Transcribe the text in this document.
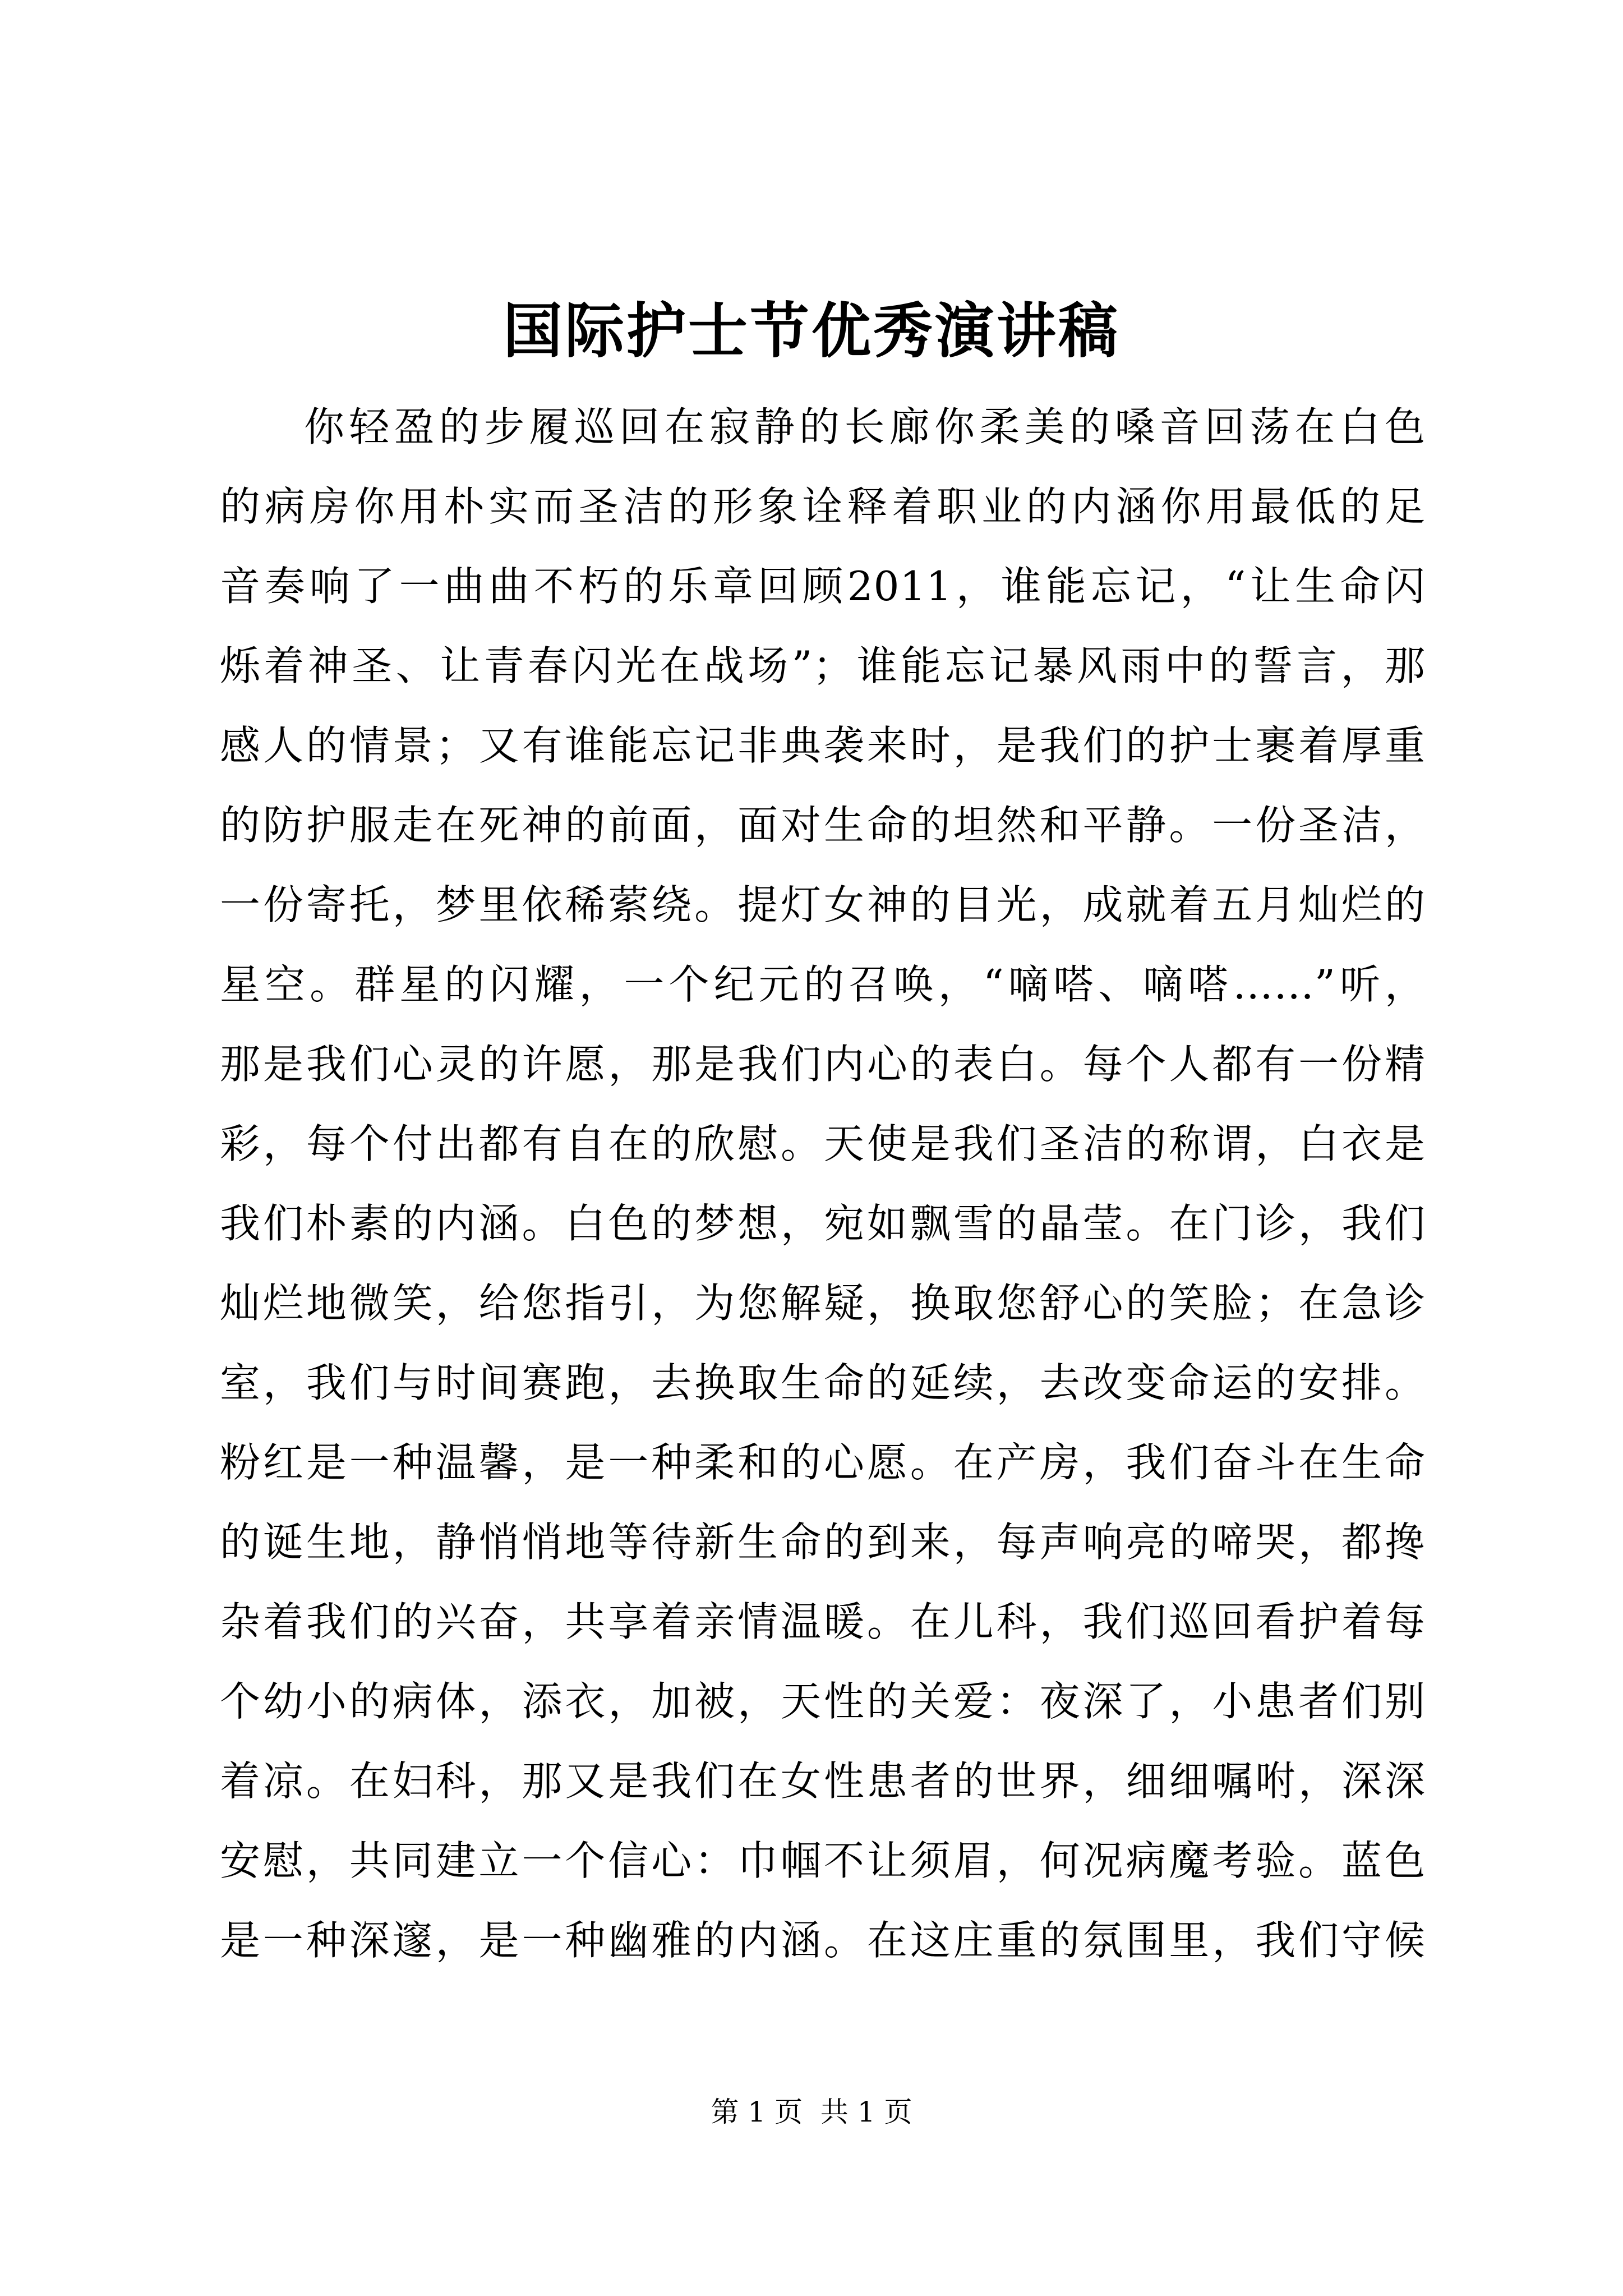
国际护士节优秀演讲稿
你轻盈的步履巡回在寂静的长廊你柔美的嗓音回荡在白色
的病房你用朴实而圣洁的形象诠释着职业的内涵你用最低的足
音奏响了一曲曲不朽的乐章回顾2011，谁能忘记，“让生命闪
烁着神圣、让青春闪光在战场”；谁能忘记暴风雨中的誓言，那
感人的情景；又有谁能忘记非典袭来时，是我们的护士裹着厚重
的防护服走在死神的前面，面对生命的坦然和平静。一份圣洁，
一份寄托，梦里依稀萦绕。提灯女神的目光，成就着五月灿烂的
星空。群星的闪耀，一个纪元的召唤，“嘀嗒、嘀嗒……”听，
那是我们心灵的许愿，那是我们内心的表白。每个人都有一份精
彩，每个付出都有自在的欣慰。天使是我们圣洁的称谓，白衣是
我们朴素的内涵。白色的梦想，宛如飘雪的晶莹。在门诊，我们
灿烂地微笑，给您指引，为您解疑，换取您舒心的笑脸；在急诊
室，我们与时间赛跑，去换取生命的延续，去改变命运的安排。
粉红是一种温馨，是一种柔和的心愿。在产房，我们奋斗在生命
的诞生地，静悄悄地等待新生命的到来，每声响亮的啼哭，都搀
杂着我们的兴奋，共享着亲情温暖。在儿科，我们巡回看护着每
个幼小的病体，添衣，加被，天性的关爱：夜深了，小患者们别
着凉。在妇科，那又是我们在女性患者的世界，细细嘱咐，深深
安慰，共同建立一个信心：巾帼不让须眉，何况病魔考验。蓝色
是一种深邃，是一种幽雅的内涵。在这庄重的氛围里，我们守候
第 1 页  共 1 页
